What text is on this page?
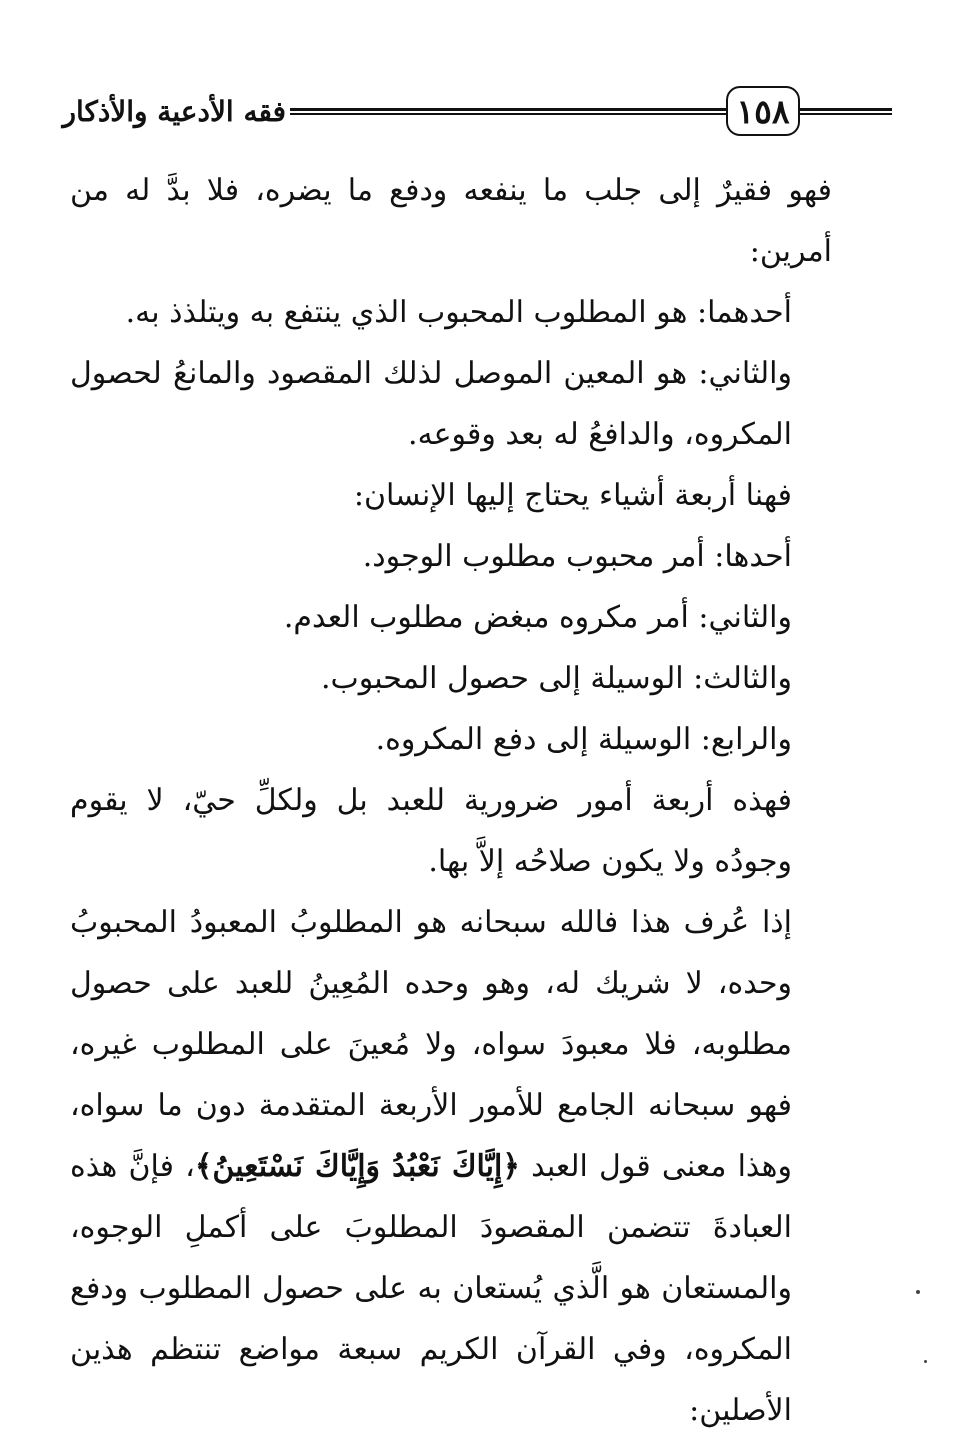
فقه الأدعية والأذكار	١٥٨

فهو فقيرٌ إلى جلب ما ينفعه ودفع ما يضره، فلا بدَّ له من أمرين:

أحدهما: هو المطلوب المحبوب الذي ينتفع به ويتلذذ به.

والثاني: هو المعين الموصل لذلك المقصود والمانعُ لحصول المكروه، والدافعُ له بعد وقوعه.

فهنا أربعة أشياء يحتاج إليها الإنسان:

أحدها: أمر محبوب مطلوب الوجود.

والثاني: أمر مكروه مبغض مطلوب العدم.

والثالث: الوسيلة إلى حصول المحبوب.

والرابع: الوسيلة إلى دفع المكروه.

فهذه أربعة أمور ضرورية للعبد بل ولكلِّ حيّ، لا يقوم وجودُه ولا يكون صلاحُه إلاَّ بها.

إذا عُرف هذا فالله سبحانه هو المطلوبُ المعبودُ المحبوبُ وحده، لا شريك له، وهو وحده المُعِينُ للعبد على حصول مطلوبه، فلا معبودَ سواه، ولا مُعينَ على المطلوب غيره، فهو سبحانه الجامع للأمور الأربعة المتقدمة دون ما سواه، وهذا معنى قول العبد ﴿إِيَّاكَ نَعْبُدُ وَإِيَّاكَ نَسْتَعِينُ﴾، فإنَّ هذه العبادةَ تتضمن المقصودَ المطلوبَ على أكملِ الوجوه، والمستعان هو الَّذي يُستعان به على حصول المطلوب ودفع المكروه، وفي القرآن الكريم سبعة مواضع تنتظم هذين الأصلين:
